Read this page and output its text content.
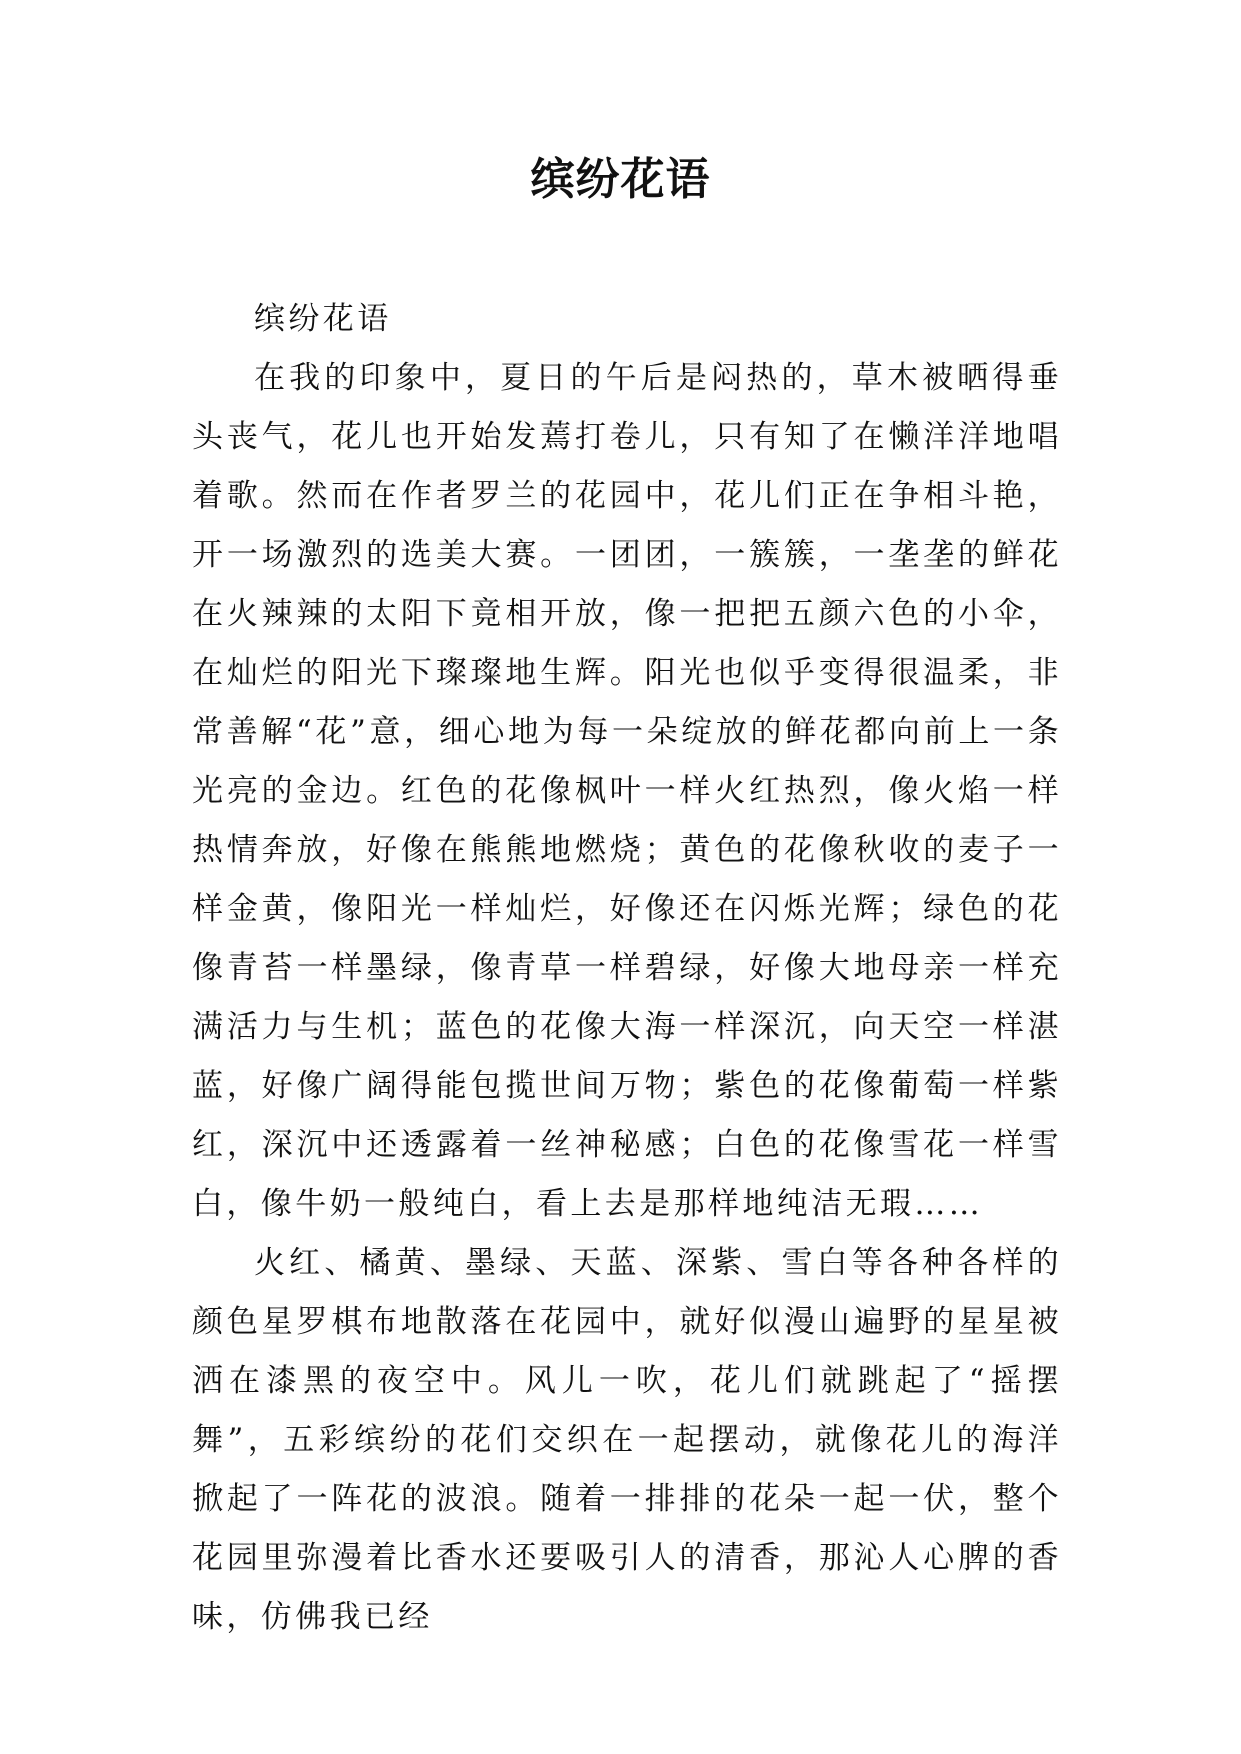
缤纷花语

缤纷花语

在我的印象中，夏日的午后是闷热的，草木被晒得垂头丧气，花儿也开始发蔫打卷儿，只有知了在懒洋洋地唱着歌。然而在作者罗兰的花园中，花儿们正在争相斗艳，开一场激烈的选美大赛。一团团，一簇簇，一垄垄的鲜花在火辣辣的太阳下竟相开放，像一把把五颜六色的小伞，在灿烂的阳光下璨璨地生辉。阳光也似乎变得很温柔，非常善解“花”意，细心地为每一朵绽放的鲜花都向前上一条光亮的金边。红色的花像枫叶一样火红热烈，像火焰一样热情奔放，好像在熊熊地燃烧；黄色的花像秋收的麦子一样金黄，像阳光一样灿烂，好像还在闪烁光辉；绿色的花像青苔一样墨绿，像青草一样碧绿，好像大地母亲一样充满活力与生机；蓝色的花像大海一样深沉，向天空一样湛蓝，好像广阔得能包揽世间万物；紫色的花像葡萄一样紫红，深沉中还透露着一丝神秘感；白色的花像雪花一样雪白，像牛奶一般纯白，看上去是那样地纯洁无瑕……

火红、橘黄、墨绿、天蓝、深紫、雪白等各种各样的颜色星罗棋布地散落在花园中，就好似漫山遍野的星星被洒在漆黑的夜空中。风儿一吹，花儿们就跳起了“摇摆舞”，五彩缤纷的花们交织在一起摆动，就像花儿的海洋掀起了一阵花的波浪。随着一排排的花朵一起一伏，整个花园里弥漫着比香水还要吸引人的清香，那沁人心脾的香味，仿佛我已经
